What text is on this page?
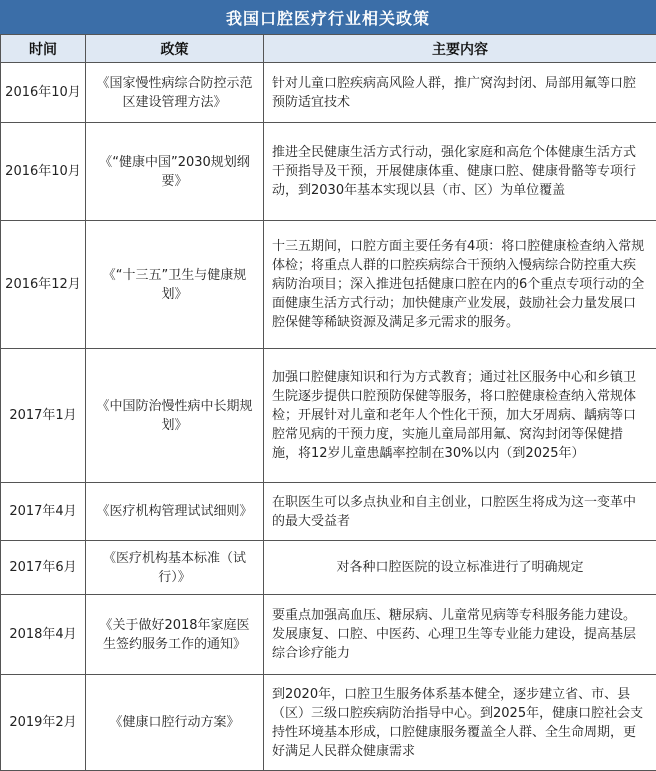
我国口腔医疗行业相关政策
时间	政策	主要内容
2016年10月	《国家慢性病综合防控示范区建设管理方法》	针对儿童口腔疾病高风险人群，推广窝沟封闭、局部用氟等口腔预防适宜技术
2016年10月	《“健康中国”2030规划纲要》	推进全民健康生活方式行动，强化家庭和高危个体健康生活方式干预指导及干预，开展健康体重、健康口腔、健康骨骼等专项行动，到2030年基本实现以县（市、区）为单位覆盖
2016年12月	《“十三五”卫生与健康规划》	十三五期间，口腔方面主要任务有4项：将口腔健康检查纳入常规体检；将重点人群的口腔疾病综合干预纳入慢病综合防控重大疾病防治项目；深入推进包括健康口腔在内的6个重点专项行动的全面健康生活方式行动；加快健康产业发展，鼓励社会力量发展口腔保健等稀缺资源及满足多元需求的服务。
2017年1月	《中国防治慢性病中长期规划》	加强口腔健康知识和行为方式教育；通过社区服务中心和乡镇卫生院逐步提供口腔预防保健等服务，将口腔健康检查纳入常规体检；开展针对儿童和老年人个性化干预，加大牙周病、龋病等口腔常见病的干预力度，实施儿童局部用氟、窝沟封闭等保健措施，将12岁儿童患龋率控制在30%以内（到2025年）
2017年4月	《医疗机构管理试试细则》	在职医生可以多点执业和自主创业，口腔医生将成为这一变革中的最大受益者
2017年6月	《医疗机构基本标准（试行）》	对各种口腔医院的设立标准进行了明确规定
2018年4月	《关于做好2018年家庭医生签约服务工作的通知》	要重点加强高血压、糖尿病、儿童常见病等专科服务能力建设。发展康复、口腔、中医药、心理卫生等专业能力建设，提高基层综合诊疗能力
2019年2月	《健康口腔行动方案》	到2020年，口腔卫生服务体系基本健全，逐步建立省、市、县（区）三级口腔疾病防治指导中心。到2025年，健康口腔社会支持性环境基本形成，口腔健康服务覆盖全人群、全生命周期，更好满足人民群众健康需求
